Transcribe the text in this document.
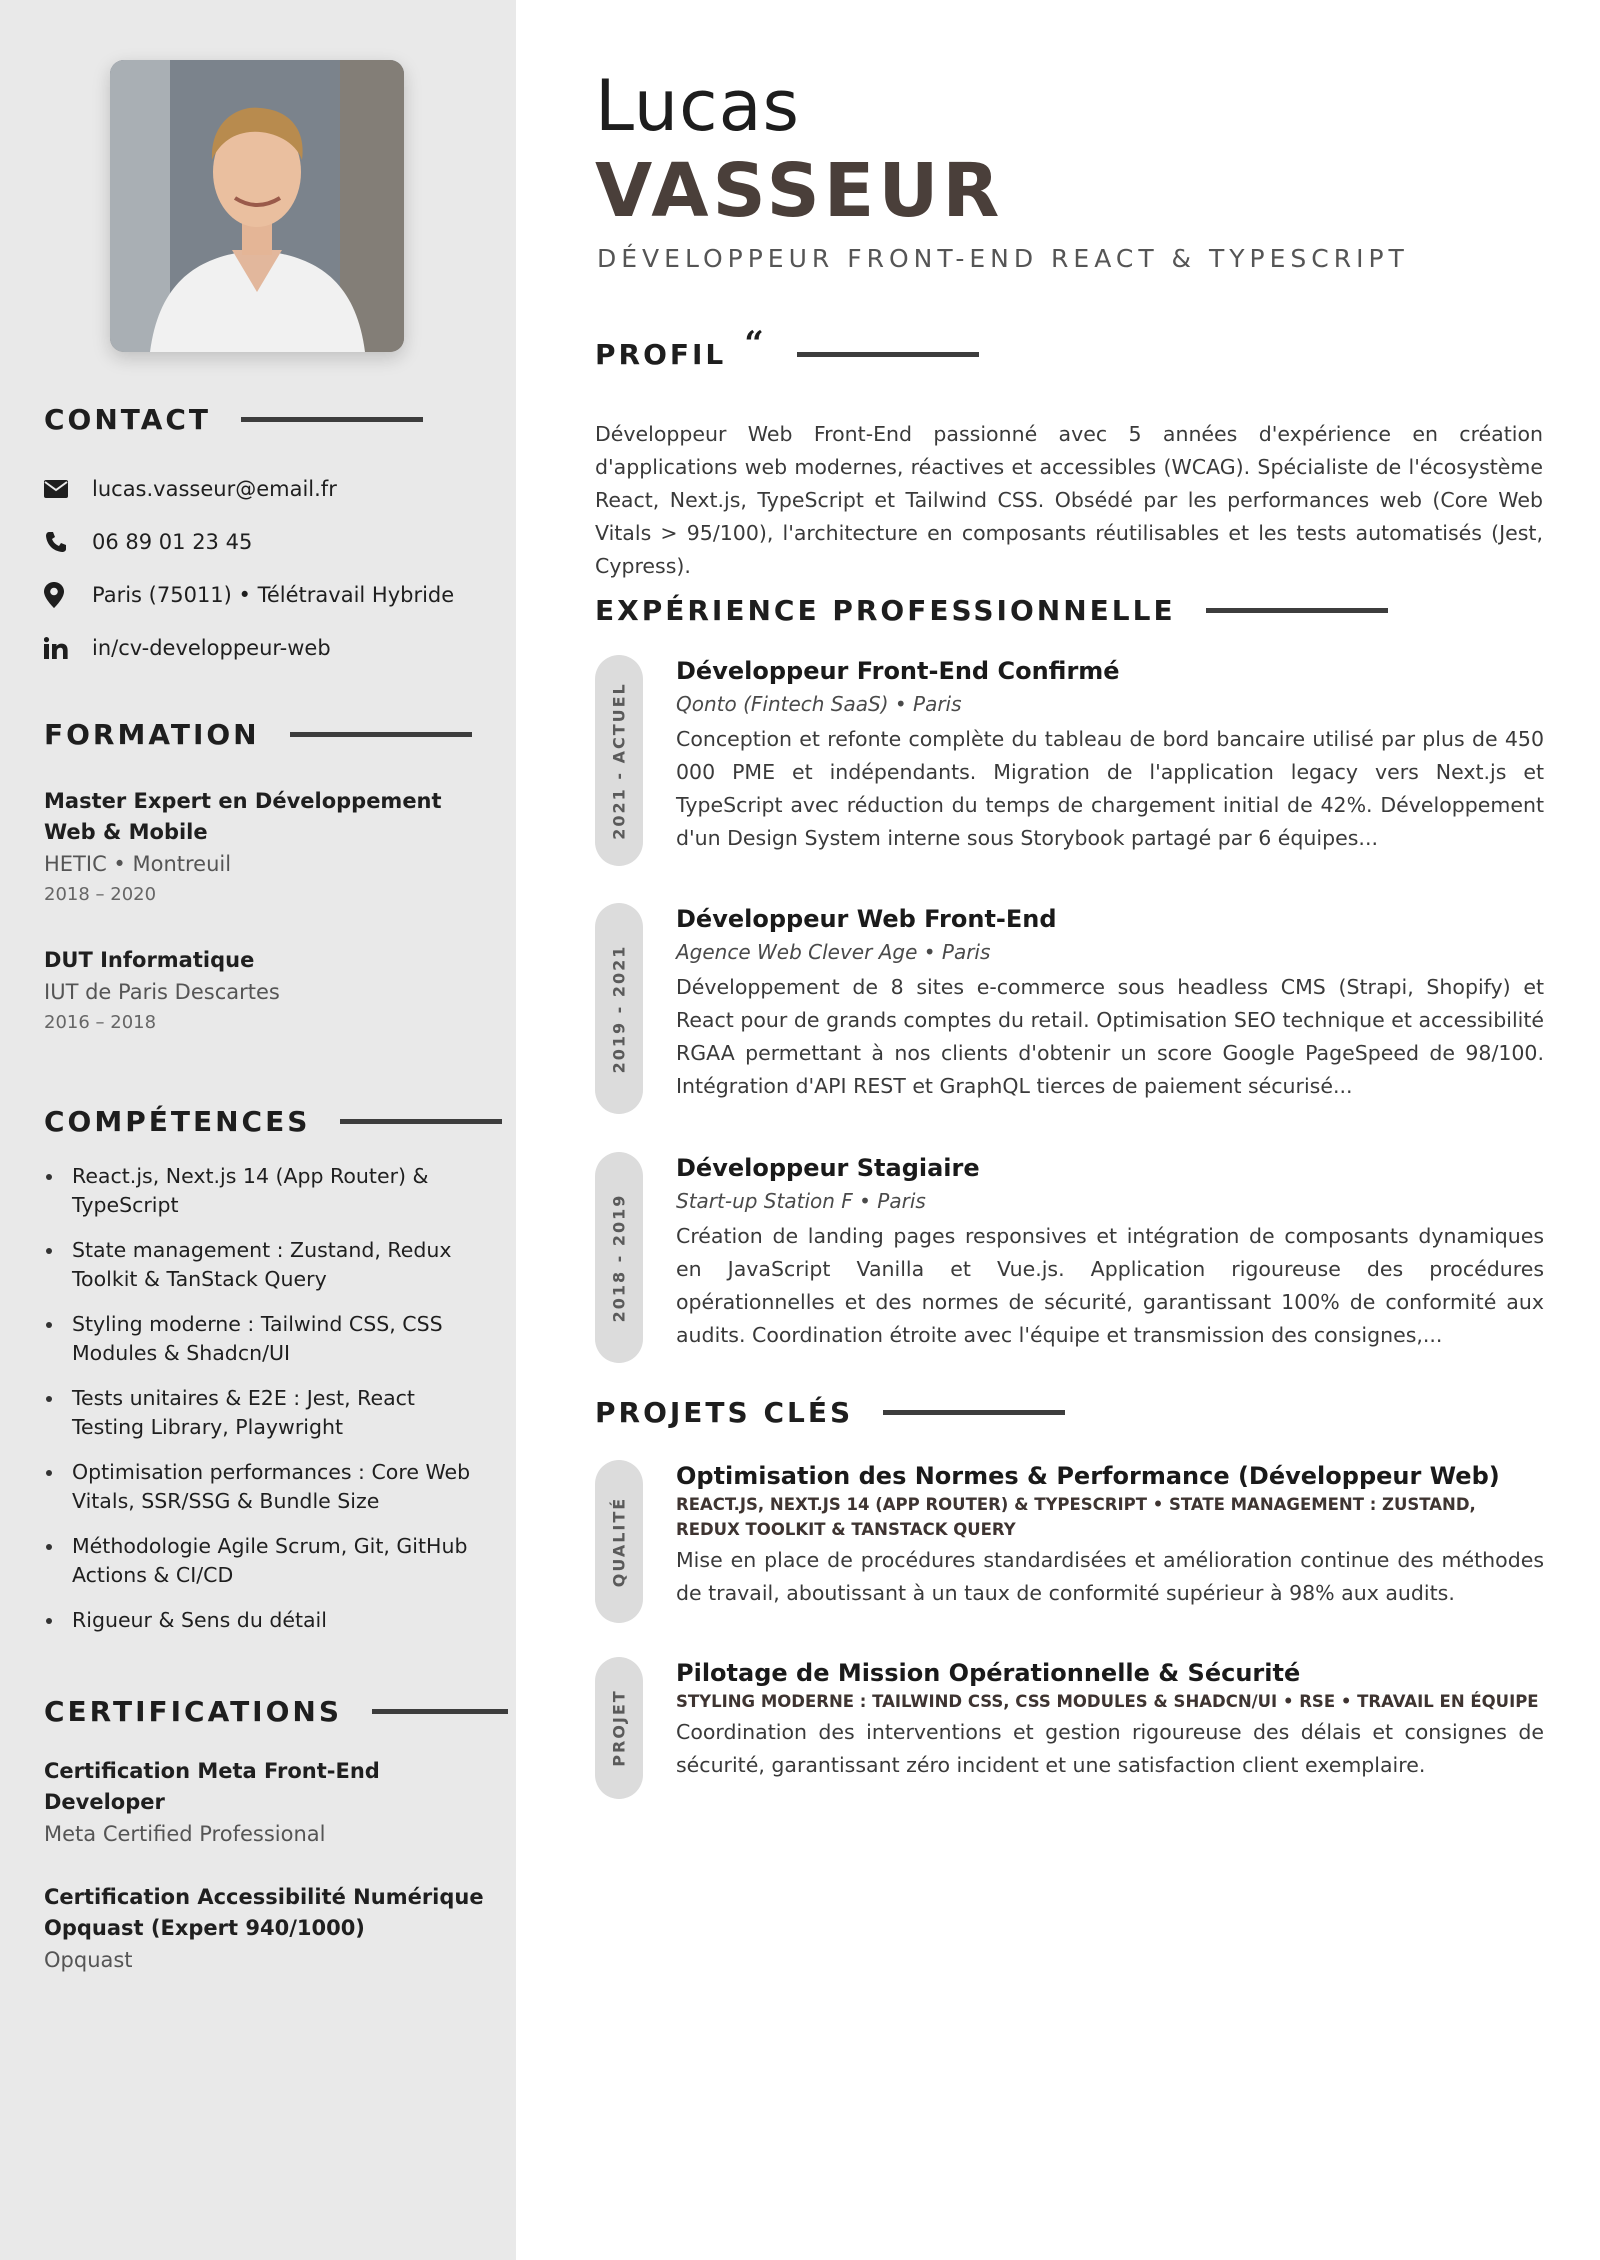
CONTACT
lucas.vasseur@email.fr
06 89 01 23 45
Paris (75011) • Télétravail Hybride
in/cv-developpeur-web
FORMATION
Master Expert en Développement Web & Mobile
HETIC • Montreuil
2018 – 2020
DUT Informatique
IUT de Paris Descartes
2016 – 2018
COMPÉTENCES
React.js, Next.js 14 (App Router) & TypeScript
State management : Zustand, Redux Toolkit & TanStack Query
Styling moderne : Tailwind CSS, CSS Modules & Shadcn/UI
Tests unitaires & E2E : Jest, React Testing Library, Playwright
Optimisation performances : Core Web Vitals, SSR/SSG & Bundle Size
Méthodologie Agile Scrum, Git, GitHub Actions & CI/CD
Rigueur & Sens du détail
CERTIFICATIONS
Certification Meta Front-End Developer
Meta Certified Professional
Certification Accessibilité Numérique Opquast (Expert 940/1000)
Opquast
Lucas
VASSEUR
DÉVELOPPEUR FRONT-END REACT & TYPESCRIPT
PROFIL “

Développeur Web Front-End passionné avec 5 années d'expérience en création d'applications web modernes, réactives et accessibles (WCAG). Spécialiste de l'écosystème React, Next.js, TypeScript et Tailwind CSS. Obsédé par les performances web (Core Web Vitals > 95/100), l'architecture en composants réutilisables et les tests automatisés (Jest, Cypress).

EXPÉRIENCE PROFESSIONNELLE
2021 - ACTUEL
Développeur Front-End Confirmé
Qonto (Fintech SaaS) • Paris
Conception et refonte complète du tableau de bord bancaire utilisé par plus de 450 000 PME et indépendants. Migration de l'application legacy vers Next.js et TypeScript avec réduction du temps de chargement initial de 42%. Développement d'un Design System interne sous Storybook partagé par 6 équipes...
2019 - 2021
Développeur Web Front-End
Agence Web Clever Age • Paris
Développement de 8 sites e-commerce sous headless CMS (Strapi, Shopify) et React pour de grands comptes du retail. Optimisation SEO technique et accessibilité RGAA permettant à nos clients d'obtenir un score Google PageSpeed de 98/100. Intégration d'API REST et GraphQL tierces de paiement sécurisé...
2018 - 2019
Développeur Stagiaire
Start-up Station F • Paris
Création de landing pages responsives et intégration de composants dynamiques en JavaScript Vanilla et Vue.js. Application rigoureuse des procédures opérationnelles et des normes de sécurité, garantissant 100% de conformité aux audits. Coordination étroite avec l'équipe et transmission des consignes,...
PROJETS CLÉS
QUALITÉ
Optimisation des Normes & Performance (Développeur Web)
REACT.JS, NEXT.JS 14 (APP ROUTER) & TYPESCRIPT • STATE MANAGEMENT : ZUSTAND, REDUX TOOLKIT & TANSTACK QUERY
Mise en place de procédures standardisées et amélioration continue des méthodes de travail, aboutissant à un taux de conformité supérieur à 98% aux audits.
PROJET
Pilotage de Mission Opérationnelle & Sécurité
STYLING MODERNE : TAILWIND CSS, CSS MODULES & SHADCN/UI • RSE • TRAVAIL EN ÉQUIPE
Coordination des interventions et gestion rigoureuse des délais et consignes de sécurité, garantissant zéro incident et une satisfaction client exemplaire.
